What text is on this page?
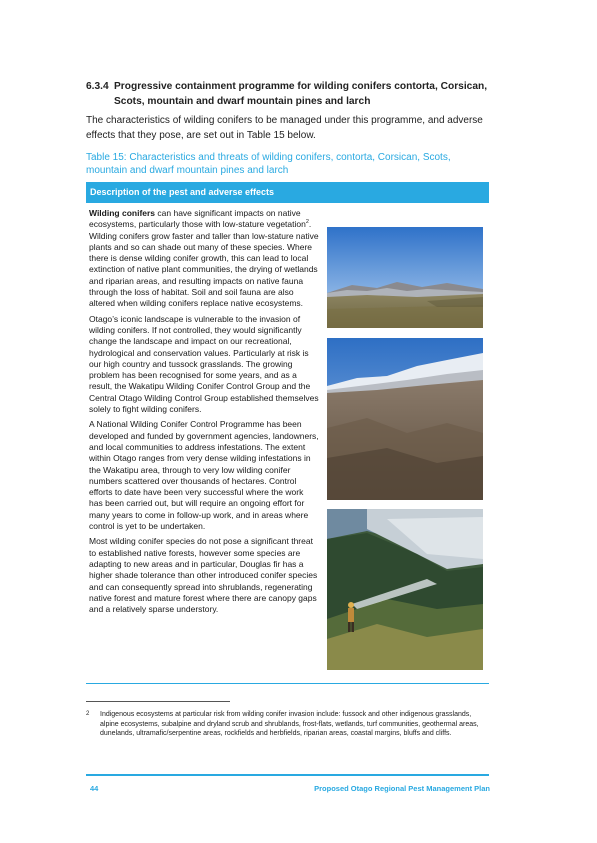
6.3.4 Progressive containment programme for wilding conifers contorta, Corsican,
Scots, mountain and dwarf mountain pines and larch
The characteristics of wilding conifers to be managed under this programme, and adverse effects that they pose, are set out in Table 15 below.
Table 15: Characteristics and threats of wilding conifers, contorta, Corsican, Scots, mountain and dwarf mountain pines and larch
Description of the pest and adverse effects

Wilding conifers can have significant impacts on native ecosystems, particularly those with low-stature vegetation$^2$. Wilding conifers grow faster and taller than low-stature native plants and so can shade out many of these species. Where there is dense wilding conifer growth, this can lead to local extinction of native plant communities, the drying of wetlands and riparian areas, and resulting impacts on native fauna through the loss of habitat. Soil and soil fauna are also altered when wilding conifers replace native ecosystems.

Otago’s iconic landscape is vulnerable to the invasion of wilding conifers. If not controlled, they would significantly change the landscape and impact on our recreational, hydrological and conservation values. Particularly at risk is our high country and tussock grasslands. The growing problem has been recognised for some years, and as a result, the Wakatipu Wilding Conifer Control Group and the Central Otago Wilding Control Group established themselves solely to fight wilding conifers.

A National Wilding Conifer Control Programme has been developed and funded by government agencies, landowners, and local communities to address infestations. The extent within Otago ranges from very dense wilding infestations in the Wakatipu area, through to very low wilding conifer numbers scattered over thousands of hectares. Control efforts to date have been very successful where the work has been carried out, but will require an ongoing effort for many years to come in follow-up work, and in areas where control is yet to be undertaken.

Most wilding conifer species do not pose a significant threat to established native forests, however some species are adapting to new areas and in particular, Douglas fir has a higher shade tolerance than other introduced conifer species and can consequently spread into shrublands, regenerating native forest and mature forest where there are canopy gaps and a relatively sparse understory.

2 Indigenous ecosystems at particular risk from wilding conifer invasion include: fussock and other indigenous grasslands, alpine ecosystems, subalpine and dryland scrub and shrublands, frost-flats, wetlands, turf communities, geothermal areas, dunelands, ultramafic/serpentine areas, rockfields and herbfields, riparian areas, coastal margins, bluffs and cliffs.
44	Proposed Otago Regional Pest Management Plan
